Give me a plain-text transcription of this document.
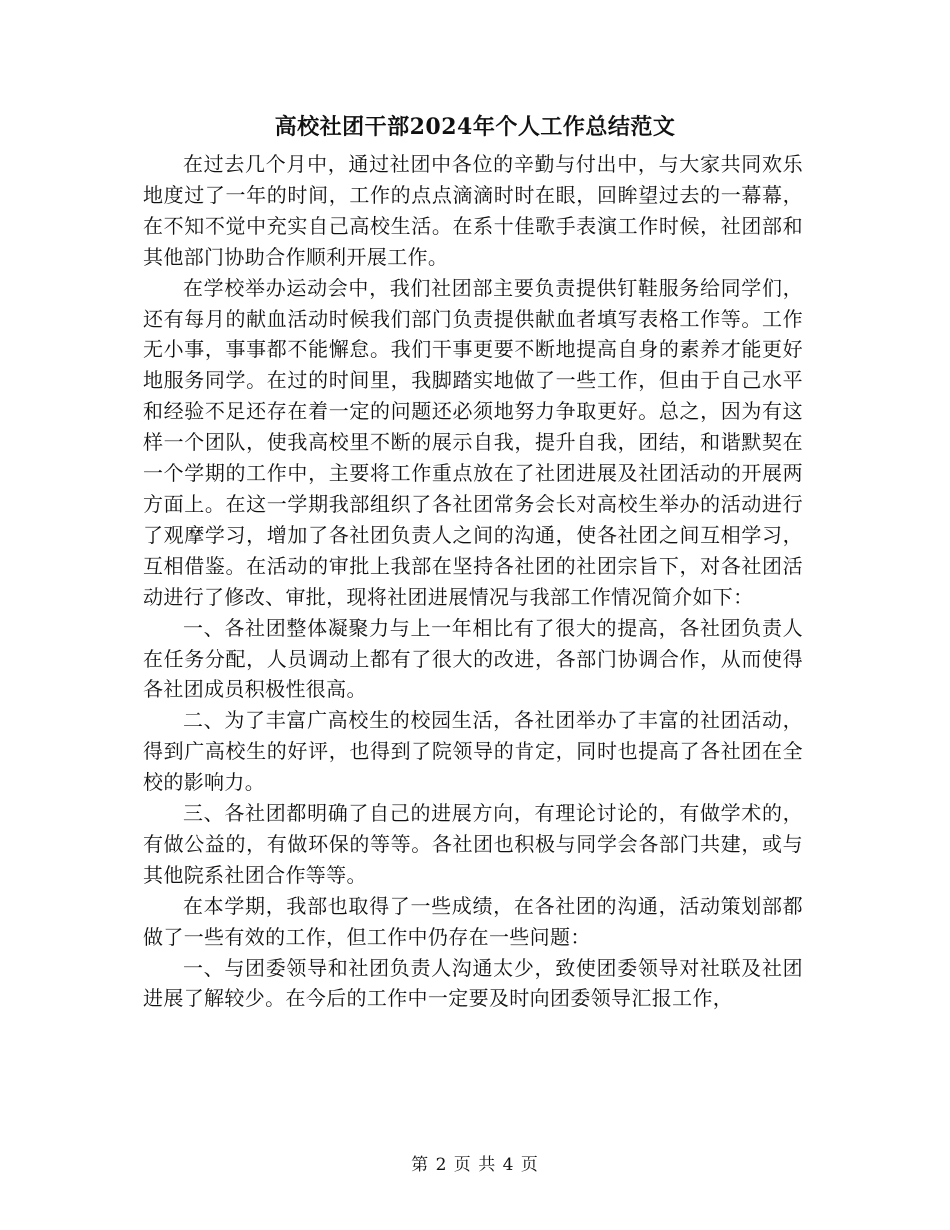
高校社团干部2024年个人工作总结范文

在过去几个月中，通过社团中各位的辛勤与付出中，与大家共同欢乐地度过了一年的时间，工作的点点滴滴时时在眼，回眸望过去的一幕幕，在不知不觉中充实自己高校生活。在系十佳歌手表演工作时候，社团部和其他部门协助合作顺利开展工作。

在学校举办运动会中，我们社团部主要负责提供钉鞋服务给同学们，还有每月的献血活动时候我们部门负责提供献血者填写表格工作等。工作无小事，事事都不能懈怠。我们干事更要不断地提高自身的素养才能更好地服务同学。在过的时间里，我脚踏实地做了一些工作，但由于自己水平和经验不足还存在着一定的问题还必须地努力争取更好。总之，因为有这样一个团队，使我高校里不断的展示自我，提升自我，团结，和谐默契在一个学期的工作中，主要将工作重点放在了社团进展及社团活动的开展两方面上。在这一学期我部组织了各社团常务会长对高校生举办的活动进行了观摩学习，增加了各社团负责人之间的沟通，使各社团之间互相学习，互相借鉴。在活动的审批上我部在坚持各社团的社团宗旨下，对各社团活动进行了修改、审批，现将社团进展情况与我部工作情况简介如下：

一、各社团整体凝聚力与上一年相比有了很大的提高，各社团负责人在任务分配，人员调动上都有了很大的改进，各部门协调合作，从而使得各社团成员积极性很高。

二、为了丰富广高校生的校园生活，各社团举办了丰富的社团活动，得到广高校生的好评，也得到了院领导的肯定，同时也提高了各社团在全校的影响力。

三、各社团都明确了自己的进展方向，有理论讨论的，有做学术的，有做公益的，有做环保的等等。各社团也积极与同学会各部门共建，或与其他院系社团合作等等。

在本学期，我部也取得了一些成绩，在各社团的沟通，活动策划部都做了一些有效的工作，但工作中仍存在一些问题：

一、与团委领导和社团负责人沟通太少，致使团委领导对社联及社团进展了解较少。在今后的工作中一定要及时向团委领导汇报工作，

第 2 页 共 4 页
